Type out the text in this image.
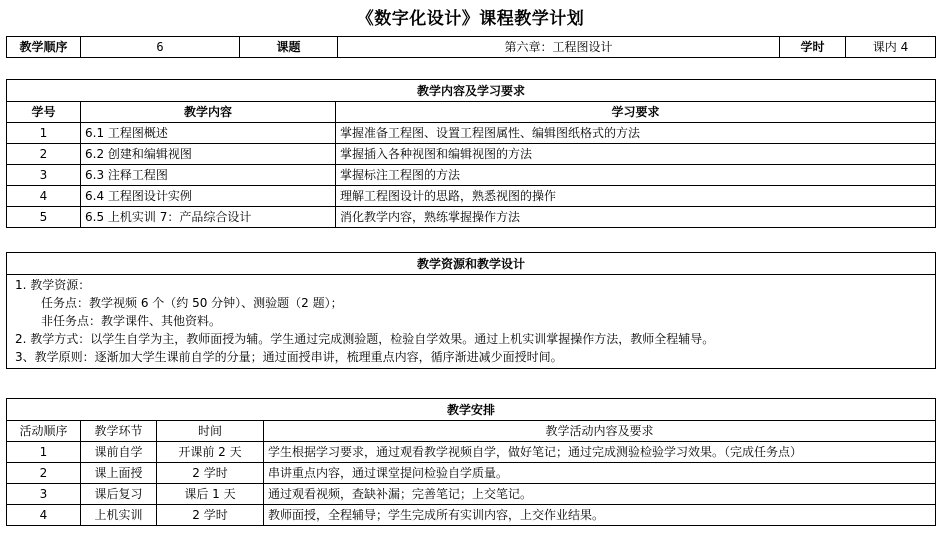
《数字化设计》课程教学计划
教学顺序	6	课题	第六章：工程图设计	学时	课内 4
教学内容及学习要求		
学号	教学内容	学习要求
1	6.1 工程图概述	掌握准备工程图、设置工程图属性、编辑图纸格式的方法
2	6.2 创建和编辑视图	掌握插入各种视图和编辑视图的方法
3	6.3 注释工程图	掌握标注工程图的方法
4	6.4 工程图设计实例	理解工程图设计的思路，熟悉视图的操作
5	6.5 上机实训 7：产品综合设计	消化教学内容，熟练掌握操作方法
教学资源和教学设计

1. 教学资源：
任务点：教学视频 6 个（约 50 分钟）、测验题（2 题）；
非任务点：教学课件、其他资料。
2. 教学方式：以学生自学为主，教师面授为辅。学生通过完成测验题，检验自学效果。通过上机实训掌握操作方法，教师全程辅导。
3、教学原则：逐渐加大学生课前自学的分量；通过面授串讲，梳理重点内容，循序渐进减少面授时间。
教学安排			
活动顺序	教学环节	时间	教学活动内容及要求
1	课前自学	开课前 2 天	学生根据学习要求，通过观看教学视频自学，做好笔记；通过完成测验检验学习效果。（完成任务点）
2	课上面授	2 学时	串讲重点内容，通过课堂提问检验自学质量。
3	课后复习	课后 1 天	通过观看视频，查缺补漏；完善笔记；上交笔记。
4	上机实训	2 学时	教师面授，全程辅导；学生完成所有实训内容，上交作业结果。
